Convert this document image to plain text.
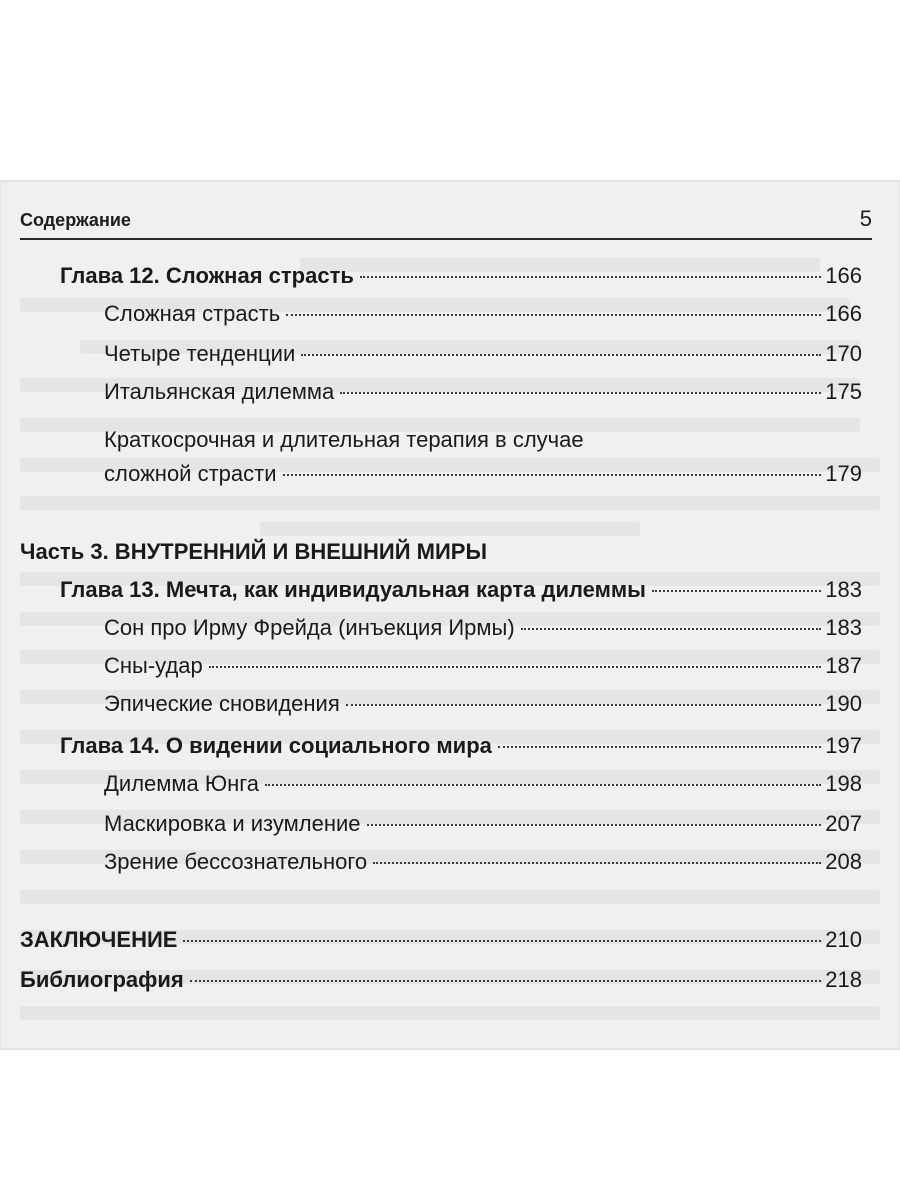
Содержание	5
Глава 12. Сложная страсть	166
Сложная страсть	166
Четыре тенденции	170
Итальянская дилемма	175
Краткосрочная и длительная терапия в случае
сложной страсти	179
Часть 3. ВНУТРЕННИЙ И ВНЕШНИЙ МИРЫ
Глава 13. Мечта, как индивидуальная карта дилеммы	183
Сон про Ирму Фрейда (инъекция Ирмы)	183
Сны-удар	187
Эпические сновидения	190
Глава 14. О видении социального мира	197
Дилемма Юнга	198
Маскировка и изумление	207
Зрение бессознательного	208
ЗАКЛЮЧЕНИЕ	210
Библиография	218
